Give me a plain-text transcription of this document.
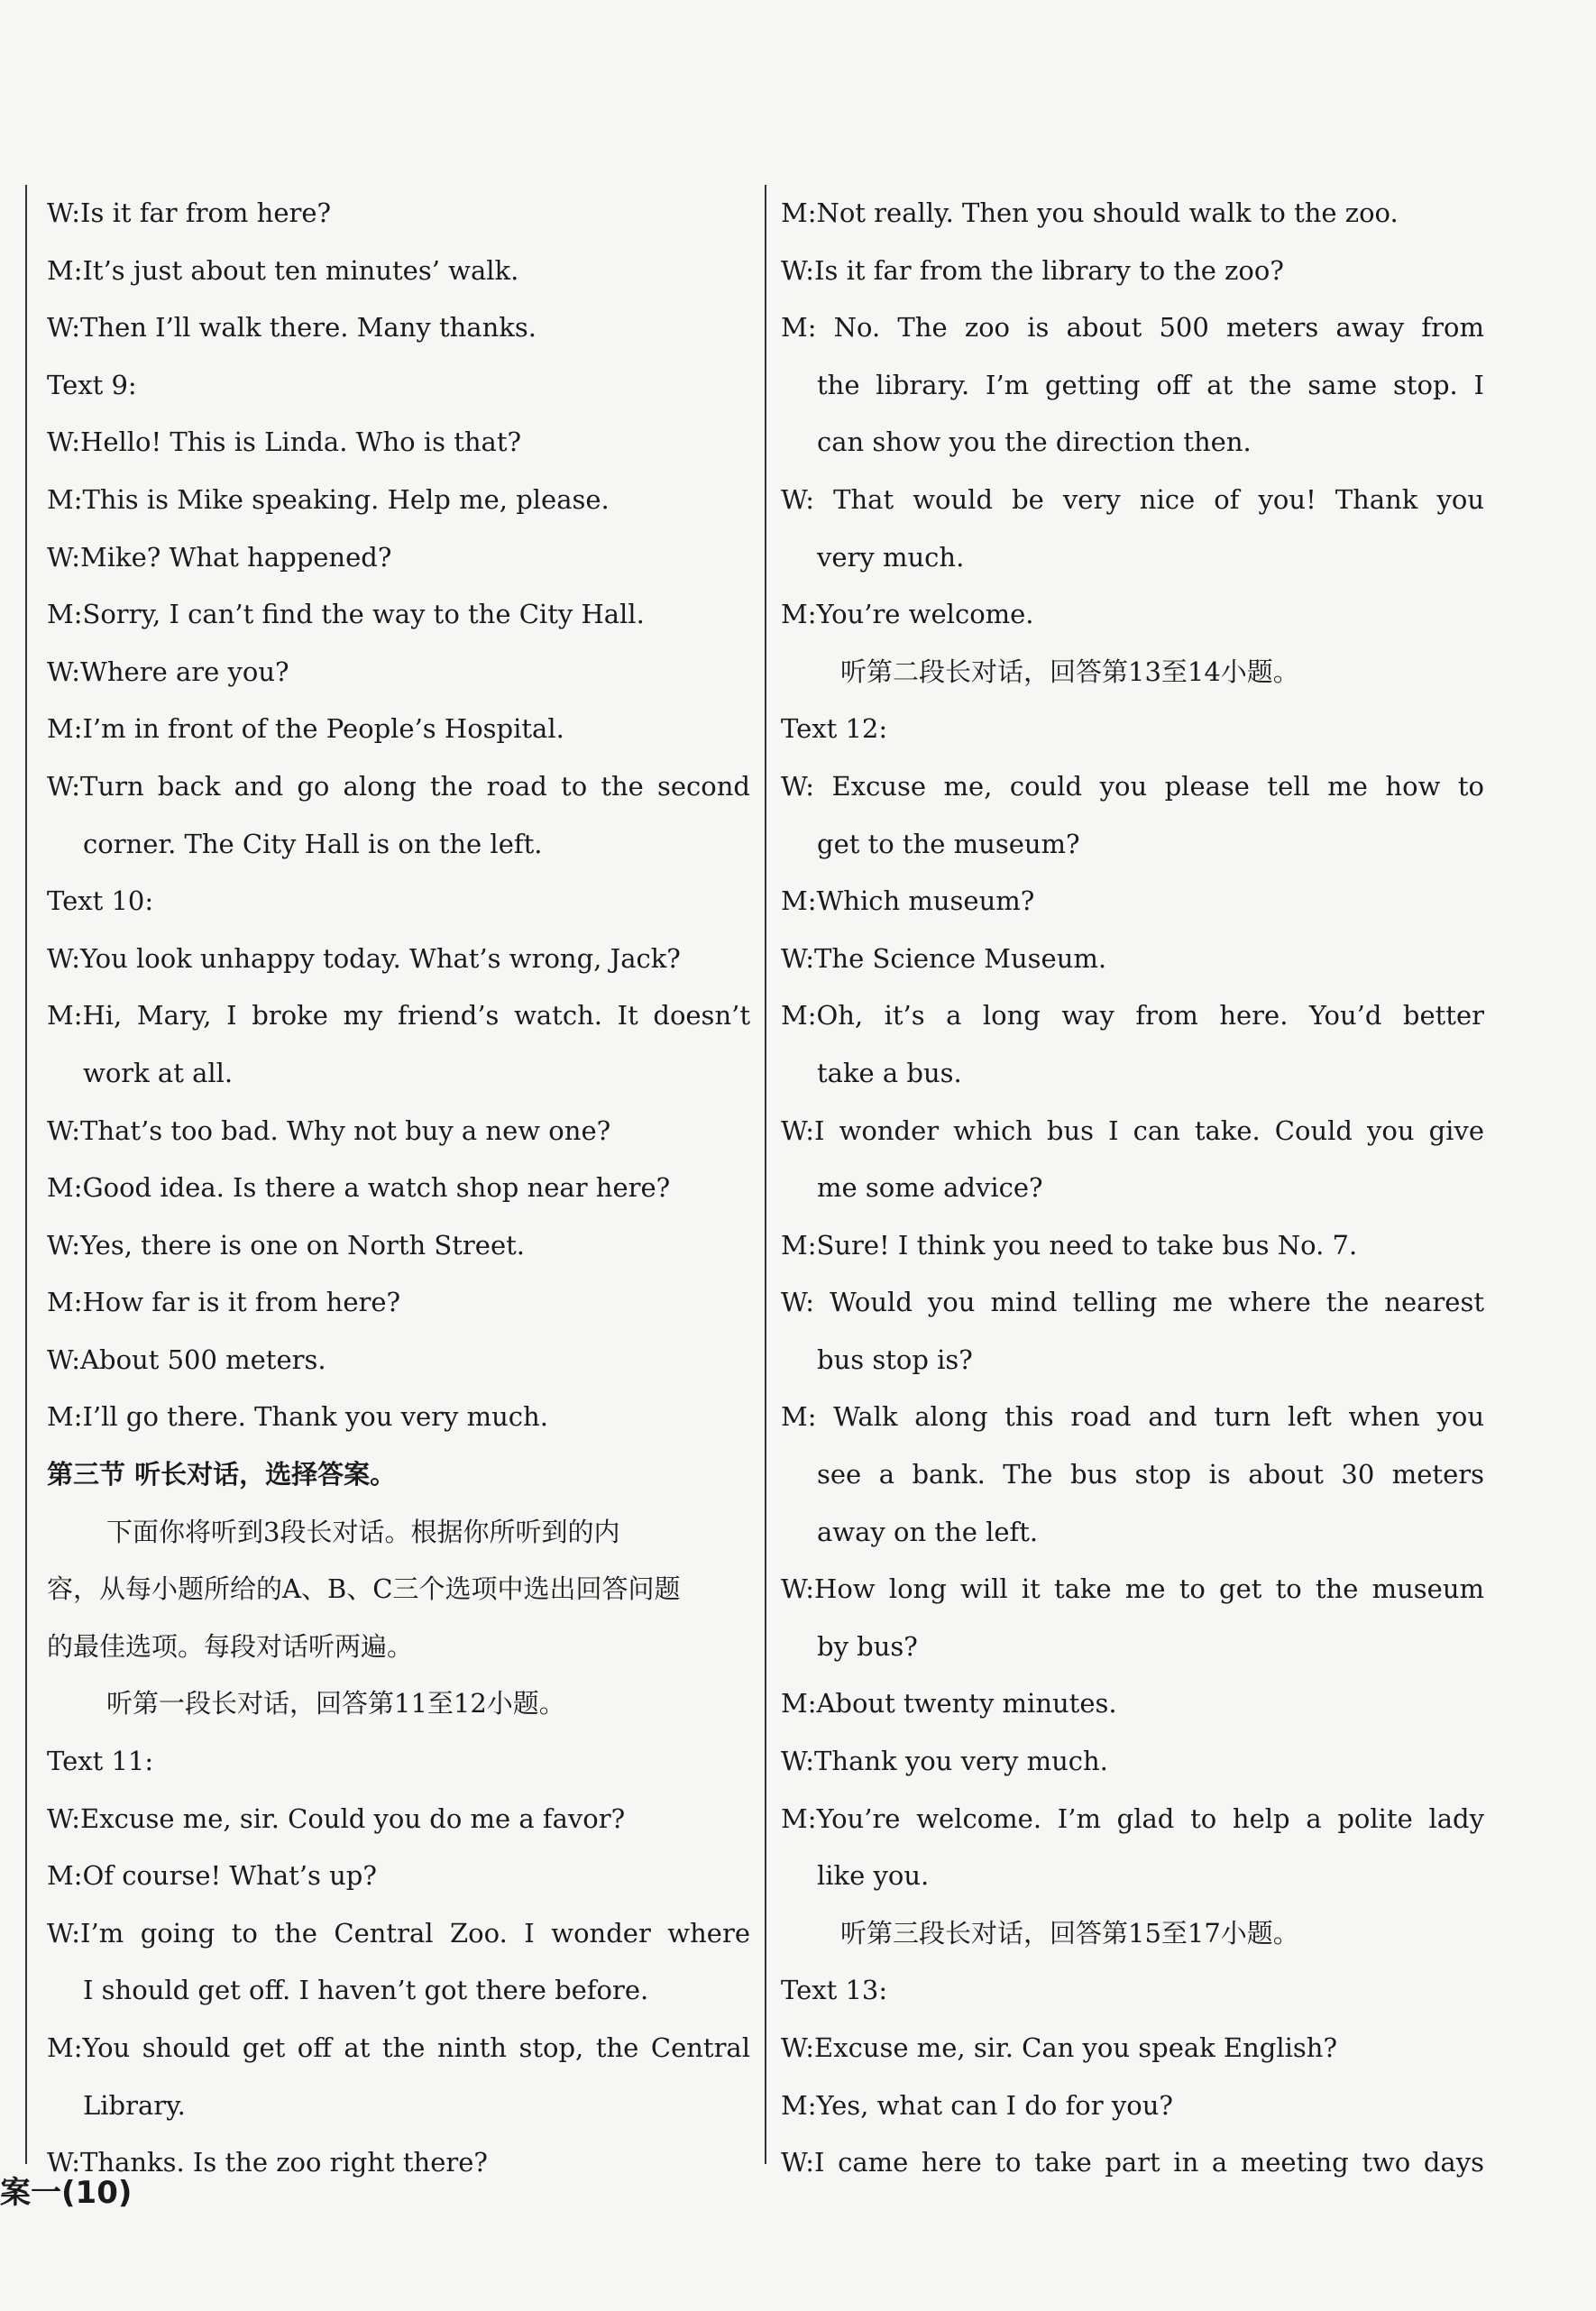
W:Is it far from here?
M:It’s just about ten minutes’ walk.
W:Then I’ll walk there. Many thanks.
Text 9:
W:Hello! This is Linda. Who is that?
M:This is Mike speaking. Help me, please.
W:Mike? What happened?
M:Sorry, I can’t find the way to the City Hall.
W:Where are you?
M:I’m in front of the People’s Hospital.
W:Turn back and go along the road to the second
corner. The City Hall is on the left.
Text 10:
W:You look unhappy today. What’s wrong, Jack?
M:Hi, Mary, I broke my friend’s watch. It doesn’t
work at all.
W:That’s too bad. Why not buy a new one?
M:Good idea. Is there a watch shop near here?
W:Yes, there is one on North Street.
M:How far is it from here?
W:About 500 meters.
M:I’ll go there. Thank you very much.
第三节 听长对话，选择答案。
下面你将听到3段长对话。根据你所听到的内
容，从每小题所给的A、B、C三个选项中选出回答问题
的最佳选项。每段对话听两遍。
听第一段长对话，回答第11至12小题。
Text 11:
W:Excuse me, sir. Could you do me a favor?
M:Of course! What’s up?
W:I’m going to the Central Zoo. I wonder where
I should get off. I haven’t got there before.
M:You should get off at the ninth stop, the Central
Library.
W:Thanks. Is the zoo right there?
M:Not really. Then you should walk to the zoo.
W:Is it far from the library to the zoo?
M: No. The zoo is about 500 meters away from
the library. I’m getting off at the same stop. I
can show you the direction then.
W: That would be very nice of you! Thank you
very much.
M:You’re welcome.
听第二段长对话，回答第13至14小题。
Text 12:
W: Excuse me, could you please tell me how to
get to the museum?
M:Which museum?
W:The Science Museum.
M:Oh, it’s a long way from here. You’d better
take a bus.
W:I wonder which bus I can take. Could you give
me some advice?
M:Sure! I think you need to take bus No. 7.
W: Would you mind telling me where the nearest
bus stop is?
M: Walk along this road and turn left when you
see a bank. The bus stop is about 30 meters
away on the left.
W:How long will it take me to get to the museum
by bus?
M:About twenty minutes.
W:Thank you very much.
M:You’re welcome. I’m glad to help a polite lady
like you.
听第三段长对话，回答第15至17小题。
Text 13:
W:Excuse me, sir. Can you speak English?
M:Yes, what can I do for you?
W:I came here to take part in a meeting two days
案一(10)
